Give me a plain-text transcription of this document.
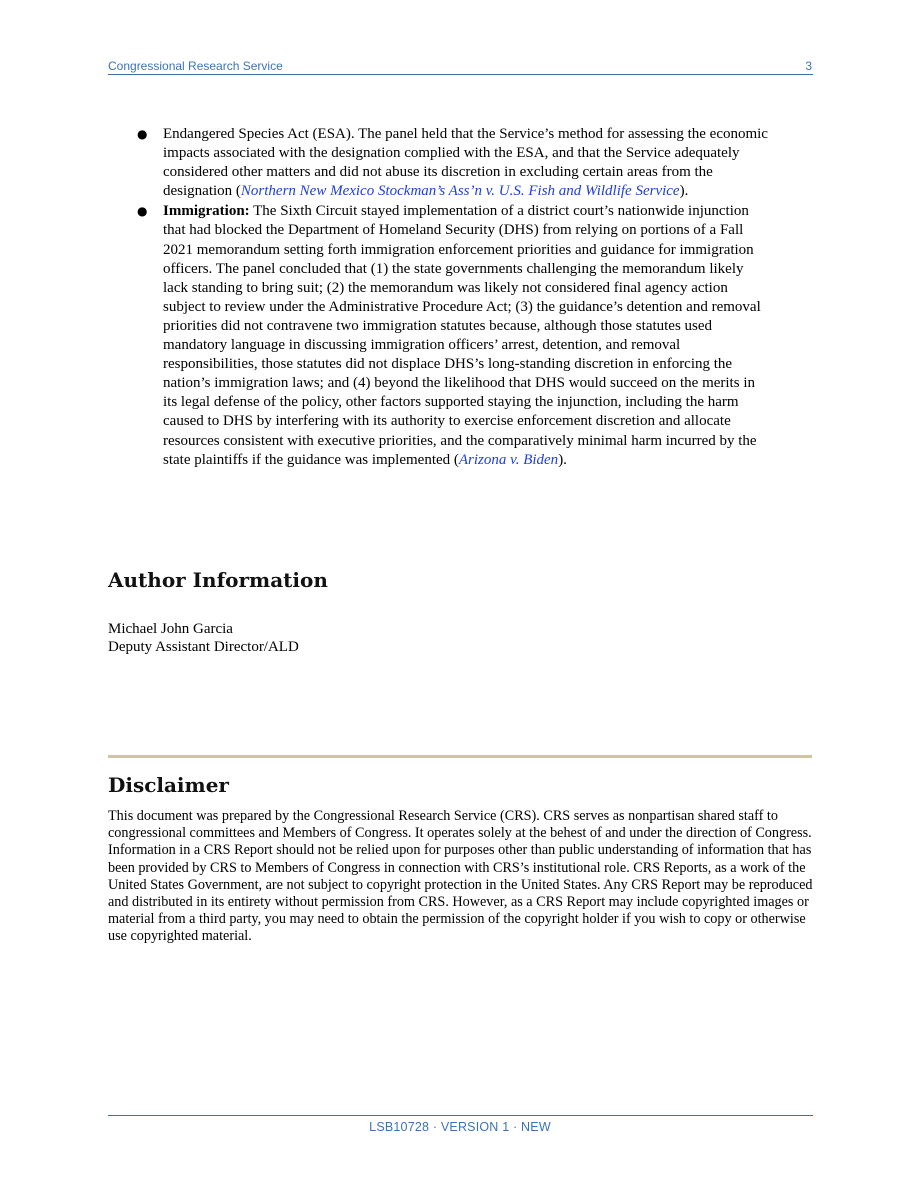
Congressional Research Service	3
● Endangered Species Act (ESA). The panel held that the Service’s method for assessing the economic impacts associated with the designation complied with the ESA, and that the Service adequately considered other matters and did not abuse its discretion in excluding certain areas from the designation (Northern New Mexico Stockman’s Ass’n v. U.S. Fish and Wildlife Service).
● Immigration: The Sixth Circuit stayed implementation of a district court’s nationwide injunction that had blocked the Department of Homeland Security (DHS) from relying on portions of a Fall 2021 memorandum setting forth immigration enforcement priorities and guidance for immigration officers. The panel concluded that (1) the state governments challenging the memorandum likely lack standing to bring suit; (2) the memorandum was likely not considered final agency action subject to review under the Administrative Procedure Act; (3) the guidance’s detention and removal priorities did not contravene two immigration statutes because, although those statutes used mandatory language in discussing immigration officers’ arrest, detention, and removal responsibilities, those statutes did not displace DHS’s long-standing discretion in enforcing the nation’s immigration laws; and (4) beyond the likelihood that DHS would succeed on the merits in its legal defense of the policy, other factors supported staying the injunction, including the harm caused to DHS by interfering with its authority to exercise enforcement discretion and allocate resources consistent with executive priorities, and the comparatively minimal harm incurred by the state plaintiffs if the guidance was implemented (Arizona v. Biden).
Author Information
Michael John Garcia
Deputy Assistant Director/ALD
Disclaimer

This document was prepared by the Congressional Research Service (CRS). CRS serves as nonpartisan shared staff to congressional committees and Members of Congress. It operates solely at the behest of and under the direction of Congress. Information in a CRS Report should not be relied upon for purposes other than public understanding of information that has been provided by CRS to Members of Congress in connection with CRS’s institutional role. CRS Reports, as a work of the United States Government, are not subject to copyright protection in the United States. Any CRS Report may be reproduced and distributed in its entirety without permission from CRS. However, as a CRS Report may include copyrighted images or material from a third party, you may need to obtain the permission of the copyright holder if you wish to copy or otherwise use copyrighted material.

LSB10728 · VERSION 1 · NEW
